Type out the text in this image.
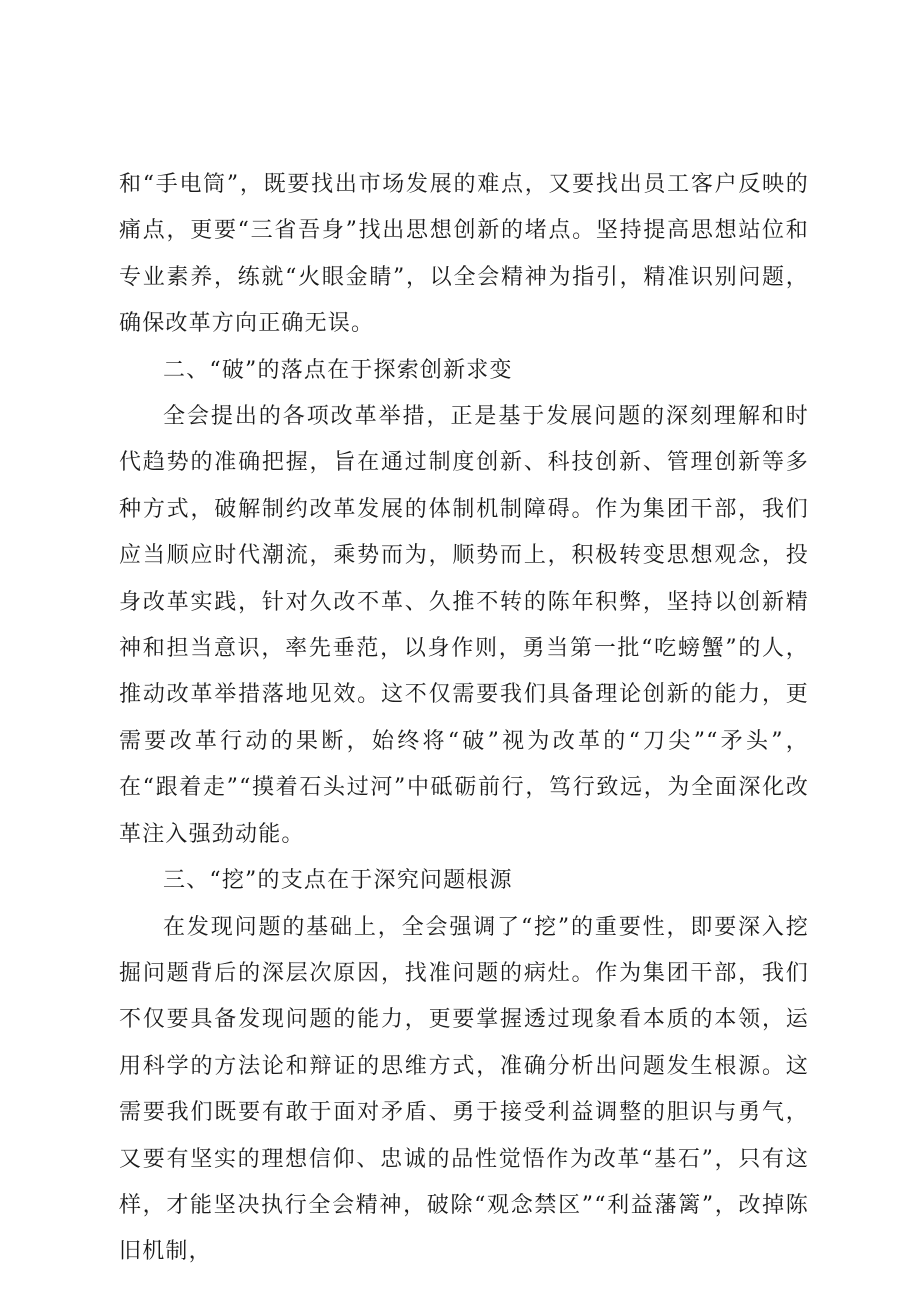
和“手电筒”，既要找出市场发展的难点，又要找出员工客户反映的痛点，更要“三省吾身”找出思想创新的堵点。坚持提高思想站位和专业素养，练就“火眼金睛”，以全会精神为指引，精准识别问题，确保改革方向正确无误。

二、“破”的落点在于探索创新求变

全会提出的各项改革举措，正是基于发展问题的深刻理解和时代趋势的准确把握，旨在通过制度创新、科技创新、管理创新等多种方式，破解制约改革发展的体制机制障碍。作为集团干部，我们应当顺应时代潮流，乘势而为，顺势而上，积极转变思想观念，投身改革实践，针对久改不革、久推不转的陈年积弊，坚持以创新精神和担当意识，率先垂范，以身作则，勇当第一批“吃螃蟹”的人，推动改革举措落地见效。这不仅需要我们具备理论创新的能力，更需要改革行动的果断，始终将“破”视为改革的“刀尖”“矛头”，在“跟着走”“摸着石头过河”中砥砺前行，笃行致远，为全面深化改革注入强劲动能。

三、“挖”的支点在于深究问题根源

在发现问题的基础上，全会强调了“挖”的重要性，即要深入挖掘问题背后的深层次原因，找准问题的病灶。作为集团干部，我们不仅要具备发现问题的能力，更要掌握透过现象看本质的本领，运用科学的方法论和辩证的思维方式，准确分析出问题发生根源。这需要我们既要有敢于面对矛盾、勇于接受利益调整的胆识与勇气，又要有坚实的理想信仰、忠诚的品性觉悟作为改革“基石”，只有这样，才能坚决执行全会精神，破除“观念禁区”“利益藩篱”，改掉陈旧机制，
